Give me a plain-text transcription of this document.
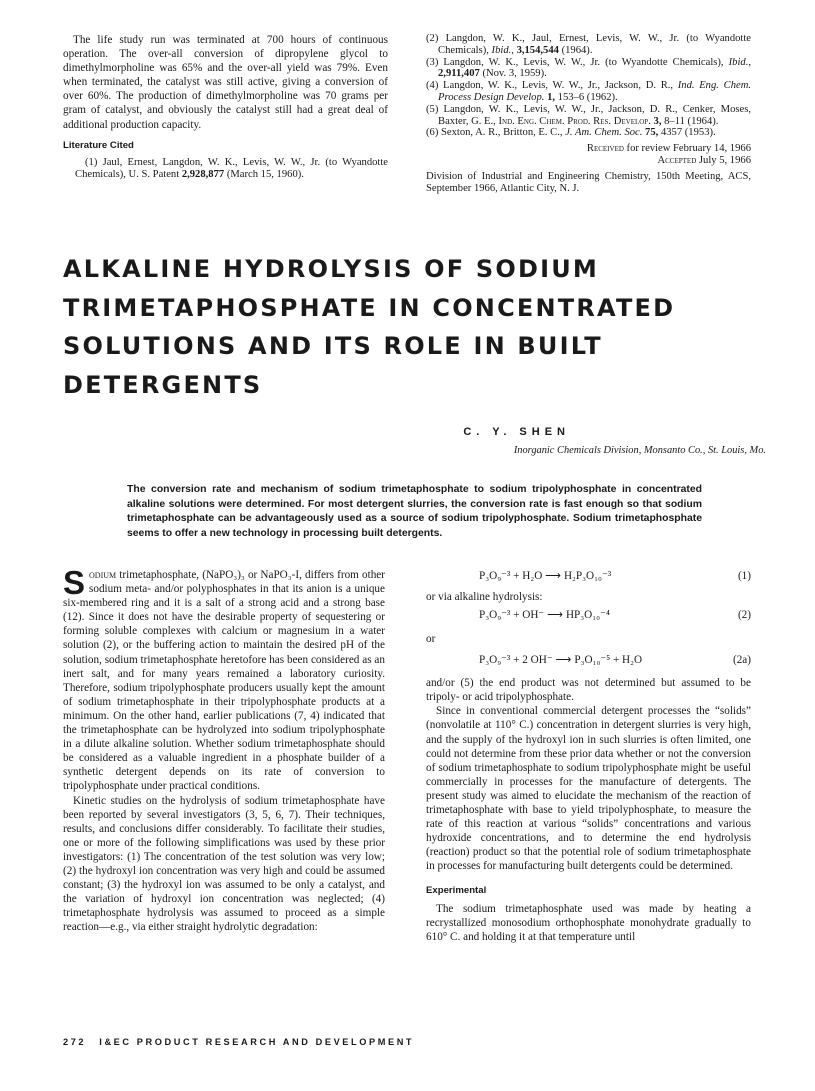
The life study run was terminated at 700 hours of continuous operation. The over-all conversion of dipropylene glycol to dimethylmorpholine was 65% and the over-all yield was 79%. Even when terminated, the catalyst was still active, giving a conversion of over 60%. The production of dimethylmorpholine was 70 grams per gram of catalyst, and obviously the catalyst still had a great deal of additional production capacity.

Literature Cited

(1) Jaul, Ernest, Langdon, W. K., Levis, W. W., Jr. (to Wyandotte Chemicals), U. S. Patent 2,928,877 (March 15, 1960).

(2) Langdon, W. K., Jaul, Ernest, Levis, W. W., Jr. (to Wyandotte Chemicals), Ibid., 3,154,544 (1964).

(3) Langdon, W. K., Levis, W. W., Jr. (to Wyandotte Chemicals), Ibid., 2,911,407 (Nov. 3, 1959).

(4) Langdon, W. K., Levis, W. W., Jr., Jackson, D. R., Ind. Eng. Chem. Process Design Develop. 1, 153–6 (1962).

(5) Langdon, W. K., Levis, W. W., Jr., Jackson, D. R., Cenker, Moses, Baxter, G. E., Ind. Eng. Chem. Prod. Res. Develop. 3, 8–11 (1964).

(6) Sexton, A. R., Britton, E. C., J. Am. Chem. Soc. 75, 4357 (1953).

Received for review February 14, 1966
Accepted July 5, 1966
Division of Industrial and Engineering Chemistry, 150th Meeting, ACS, September 1966, Atlantic City, N. J.
ALKALINE HYDROLYSIS OF SODIUM
TRIMETAPHOSPHATE IN CONCENTRATED
SOLUTIONS AND ITS ROLE IN BUILT
DETERGENTS
C. Y. SHEN
Inorganic Chemicals Division, Monsanto Co., St. Louis, Mo.
The conversion rate and mechanism of sodium trimetaphosphate to sodium tripolyphosphate in concentrated alkaline solutions were determined. For most detergent slurries, the conversion rate is fast enough so that sodium trimetaphosphate can be advantageously used as a source of sodium tripolyphosphate. Sodium trimetaphosphate seems to offer a new technology in processing built detergents.

Sodium trimetaphosphate, (NaPO₃)₃ or NaPO₃-I, differs from other sodium meta- and/or polyphosphates in that its anion is a unique six-membered ring and it is a salt of a strong acid and a strong base (12). Since it does not have the desirable property of sequestering or forming soluble complexes with calcium or magnesium in a water solution (2), or the buffering action to maintain the desired pH of the solution, sodium trimetaphosphate heretofore has been considered as an inert salt, and for many years remained a laboratory curiosity. Therefore, sodium tripolyphosphate producers usually kept the amount of sodium trimetaphosphate in their tripolyphosphate products at a minimum. On the other hand, earlier publications (7, 4) indicated that the trimetaphosphate can be hydrolyzed into sodium tripolyphosphate in a dilute alkaline solution. Whether sodium trimetaphosphate should be considered as a valuable ingredient in a phosphate builder of a synthetic detergent depends on its rate of conversion to tripolyphosphate under practical conditions.

Kinetic studies on the hydrolysis of sodium trimetaphosphate have been reported by several investigators (3, 5, 6, 7). Their techniques, results, and conclusions differ considerably. To facilitate their studies, one or more of the following simplifications was used by these prior investigators: (1) The concentration of the test solution was very low; (2) the hydroxyl ion concentration was very high and could be assumed constant; (3) the hydroxyl ion was assumed to be only a catalyst, and the variation of hydroxyl ion concentration was neglected; (4) trimetaphosphate hydrolysis was assumed to proceed as a simple reaction—e.g., via either straight hydrolytic degradation:

P₃O₉⁻³ + H₂O ⟶ H₂P₃O₁₀⁻³	(1)

or via alkaline hydrolysis:

P₃O₉⁻³ + OH⁻ ⟶ HP₃O₁₀⁻⁴	(2)

or

P₃O₉⁻³ + 2 OH⁻ ⟶ P₃O₁₀⁻⁵ + H₂O	(2a)

and/or (5) the end product was not determined but assumed to be tripoly- or acid tripolyphosphate.

Since in conventional commercial detergent processes the “solids” (nonvolatile at 110° C.) concentration in detergent slurries is very high, and the supply of the hydroxyl ion in such slurries is often limited, one could not determine from these prior data whether or not the conversion of sodium trimetaphosphate to sodium tripolyphosphate might be useful commercially in processes for the manufacture of detergents. The present study was aimed to elucidate the mechanism of the reaction of trimetaphosphate with base to yield tripolyphosphate, to measure the rate of this reaction at various “solids” concentrations and various hydroxide concentrations, and to determine the end hydrolysis (reaction) product so that the potential role of sodium trimetaphosphate in processes for manufacturing built detergents could be determined.

Experimental

The sodium trimetaphosphate used was made by heating a recrystallized monosodium orthophosphate monohydrate gradually to 610° C. and holding it at that temperature until

272 I&EC PRODUCT RESEARCH AND DEVELOPMENT
